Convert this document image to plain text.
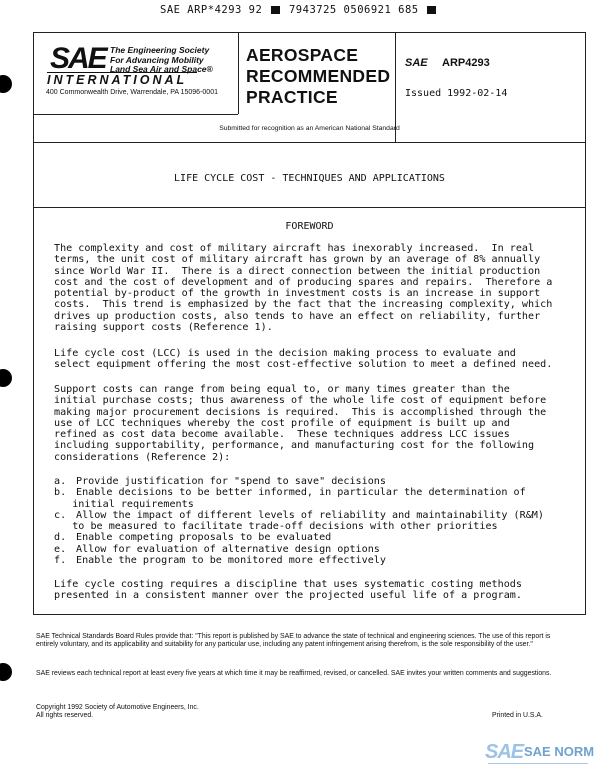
SAE ARP*4293 92	7943725 0506921 685
SAE The Engineering Society
For Advancing Mobility
Land Sea Air and Space®
INTERNATIONAL
400 Commonwealth Drive, Warrendale, PA 15096-0001
AEROSPACE
RECOMMENDED
PRACTICE
SAE ARP4293
Issued 1992-02-14
Submitted for recognition as an American National Standard
LIFE CYCLE COST - TECHNIQUES AND APPLICATIONS
FOREWORD
The complexity and cost of military aircraft has inexorably increased.  In real
terms, the unit cost of military aircraft has grown by an average of 8% annually
since World War II.  There is a direct connection between the initial production
cost and the cost of development and of producing spares and repairs.  Therefore a
potential by-product of the growth in investment costs is an increase in support
costs.  This trend is emphasized by the fact that the increasing complexity, which
drives up production costs, also tends to have an effect on reliability, further
raising support costs (Reference 1).
Life cycle cost (LCC) is used in the decision making process to evaluate and
select equipment offering the most cost-effective solution to meet a defined need.
Support costs can range from being equal to, or many times greater than the
initial purchase costs; thus awareness of the whole life cost of equipment before
making major procurement decisions is required.  This is accomplished through the
use of LCC techniques whereby the cost profile of equipment is built up and
refined as cost data become available.  These techniques address LCC issues
including supportability, performance, and manufacturing cost for the following
considerations (Reference 2):
a. Provide justification for "spend to save" decisions
b. Enable decisions to be better informed, in particular the determination of
initial requirements
c. Allow the impact of different levels of reliability and maintainability (R&M)
to be measured to facilitate trade-off decisions with other priorities
d. Enable competing proposals to be evaluated
e. Allow for evaluation of alternative design options
f. Enable the program to be monitored more effectively
Life cycle costing requires a discipline that uses systematic costing methods
presented in a consistent manner over the projected useful life of a program.
SAE Technical Standards Board Rules provide that: "This report is published by SAE to advance the state of technical and engineering sciences. The use of this report is entirely voluntary, and its applicability and suitability for any particular use, including any patent infringement arising therefrom, is the sole responsibility of the user."
SAE reviews each technical report at least every five years at which time it may be reaffirmed, revised, or cancelled. SAE invites your written comments and suggestions.
Copyright 1992 Society of Automotive Engineers, Inc.
All rights reserved.	Printed in U.S.A.
SAE SAE NORM
